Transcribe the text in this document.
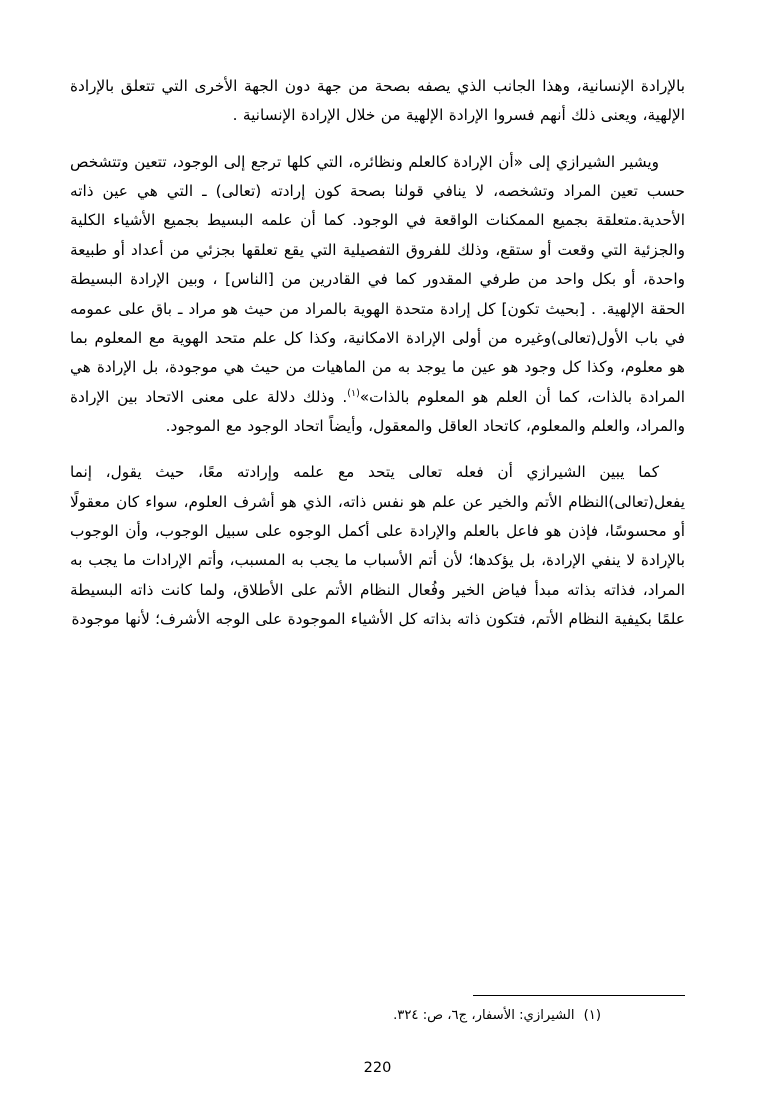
بالإرادة الإنسانية، وهذا الجانب الذي يصفه بصحة من جهة دون الجهة الأخرى التي تتعلق بالإرادة الإلهية، ويعنى ذلك أنهم فسروا الإرادة الإلهية من خلال الإرادة الإنسانية .

ويشير الشيرازي إلى «أن الإرادة كالعلم ونظائره، التي كلها ترجع إلى الوجود، تتعين وتتشخص حسب تعين المراد وتشخصه، لا ينافي قولنا بصحة كون إرادته (تعالى) ـ التي هي عين ذاته الأحدية.متعلقة بجميع الممكنات الواقعة في الوجود. كما أن علمه البسيط بجميع الأشياء الكلية والجزئية التي وقعت أو ستقع، وذلك للفروق التفصيلية التي يقع تعلقها بجزئي من أعداد أو طبيعة واحدة، أو بكل واحد من طرفي المقدور كما في القادرين من [الناس] ، وبين الإرادة البسيطة الحقة الإلهية. . [بحيث تكون] كل إرادة متحدة الهوية بالمراد من حيث هو مراد ـ باق على عمومه في باب الأول(تعالى)وغيره من أولى الإرادة الامكانية، وكذا كل علم متحد الهوية مع المعلوم بما هو معلوم، وكذا كل وجود هو عين ما يوجد به من الماهيات من حيث هي موجودة، بل الإرادة هي المرادة بالذات، كما أن العلم هو المعلوم بالذات»$^{(١)}$. وذلك دلالة على معنى الاتحاد بين الإرادة والمراد، والعلم والمعلوم، كاتحاد العاقل والمعقول، وأيضاً اتحاد الوجود مع الموجود.

كما يبين الشيرازي أن فعله تعالى يتحد مع علمه وإرادته معًا، حيث يقول، إنما يفعل(تعالى)النظام الأتم والخير عن علم هو نفس ذاته، الذي هو أشرف العلوم، سواء كان معقولًا أو محسوسًا، فإذن هو فاعل بالعلم والإرادة على أكمل الوجوه على سبيل الوجوب، وأن الوجوب بالإرادة لا ينفي الإرادة، بل يؤكدها؛ لأن أتم الأسباب ما يجب به المسبب، وأتم الإرادات ما يجب به المراد، فذاته بذاته مبدأ فياض الخير وفُعال النظام الأتم على الأطلاق، ولما كانت ذاته البسيطة علمًا بكيفية النظام الأتم، فتكون ذاته بذاته كل الأشياء الموجودة على الوجه الأشرف؛ لأنها موجودة

(١)الشيرازي: الأسفار، ج٦، ص: ٣٢٤.
220
